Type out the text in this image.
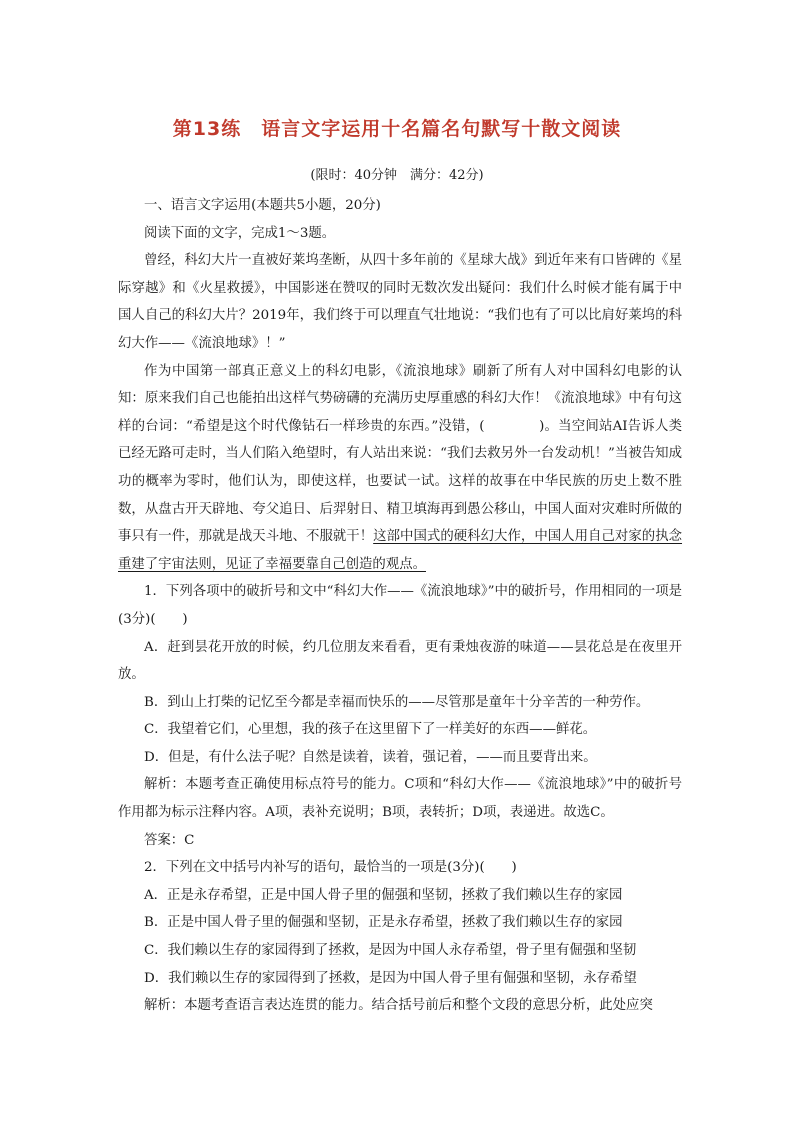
第13练　语言文字运用十名篇名句默写十散文阅读
(限时：40分钟　满分：42分)

一、语言文字运用(本题共5小题，20分)

阅读下面的文字，完成1～3题。

曾经，科幻大片一直被好莱坞垄断，从四十多年前的《星球大战》到近年来有口皆碑的《星际穿越》和《火星救援》，中国影迷在赞叹的同时无数次发出疑问：我们什么时候才能有属于中国人自己的科幻大片？2019年，我们终于可以理直气壮地说：“我们也有了可以比肩好莱坞的科幻大作——《流浪地球》！”

作为中国第一部真正意义上的科幻电影，《流浪地球》刷新了所有人对中国科幻电影的认知：原来我们自己也能拍出这样气势磅礴的充满历史厚重感的科幻大作！《流浪地球》中有句这样的台词：“希望是这个时代像钻石一样珍贵的东西。”没错，(　　　　)。当空间站AI告诉人类已经无路可走时，当人们陷入绝望时，有人站出来说：“我们去救另外一台发动机！”当被告知成功的概率为零时，他们认为，即使这样，也要试一试。这样的故事在中华民族的历史上数不胜数，从盘古开天辟地、夸父追日、后羿射日、精卫填海再到愚公移山，中国人面对灾难时所做的事只有一件，那就是战天斗地、不服就干！这部中国式的硬科幻大作，中国人用自己对家的执念重建了宇宙法则，见证了幸福要靠自己创造的观点。

1．下列各项中的破折号和文中“科幻大作——《流浪地球》”中的破折号，作用相同的一项是(3分)(　　)

A．赶到昙花开放的时候，约几位朋友来看看，更有秉烛夜游的味道——昙花总是在夜里开放。

B．到山上打柴的记忆至今都是幸福而快乐的——尽管那是童年十分辛苦的一种劳作。

C．我望着它们，心里想，我的孩子在这里留下了一样美好的东西——鲜花。

D．但是，有什么法子呢？自然是读着，读着，强记着，——而且要背出来。

解析：本题考查正确使用标点符号的能力。C项和“科幻大作——《流浪地球》”中的破折号作用都为标示注释内容。A项，表补充说明；B项，表转折；D项，表递进。故选C。

答案：C

2．下列在文中括号内补写的语句，最恰当的一项是(3分)(　　)

A．正是永存希望，正是中国人骨子里的倔强和坚韧，拯救了我们赖以生存的家园

B．正是中国人骨子里的倔强和坚韧，正是永存希望，拯救了我们赖以生存的家园

C．我们赖以生存的家园得到了拯救，是因为中国人永存希望，骨子里有倔强和坚韧

D．我们赖以生存的家园得到了拯救，是因为中国人骨子里有倔强和坚韧，永存希望

解析：本题考查语言表达连贯的能力。结合括号前后和整个文段的意思分析，此处应突
